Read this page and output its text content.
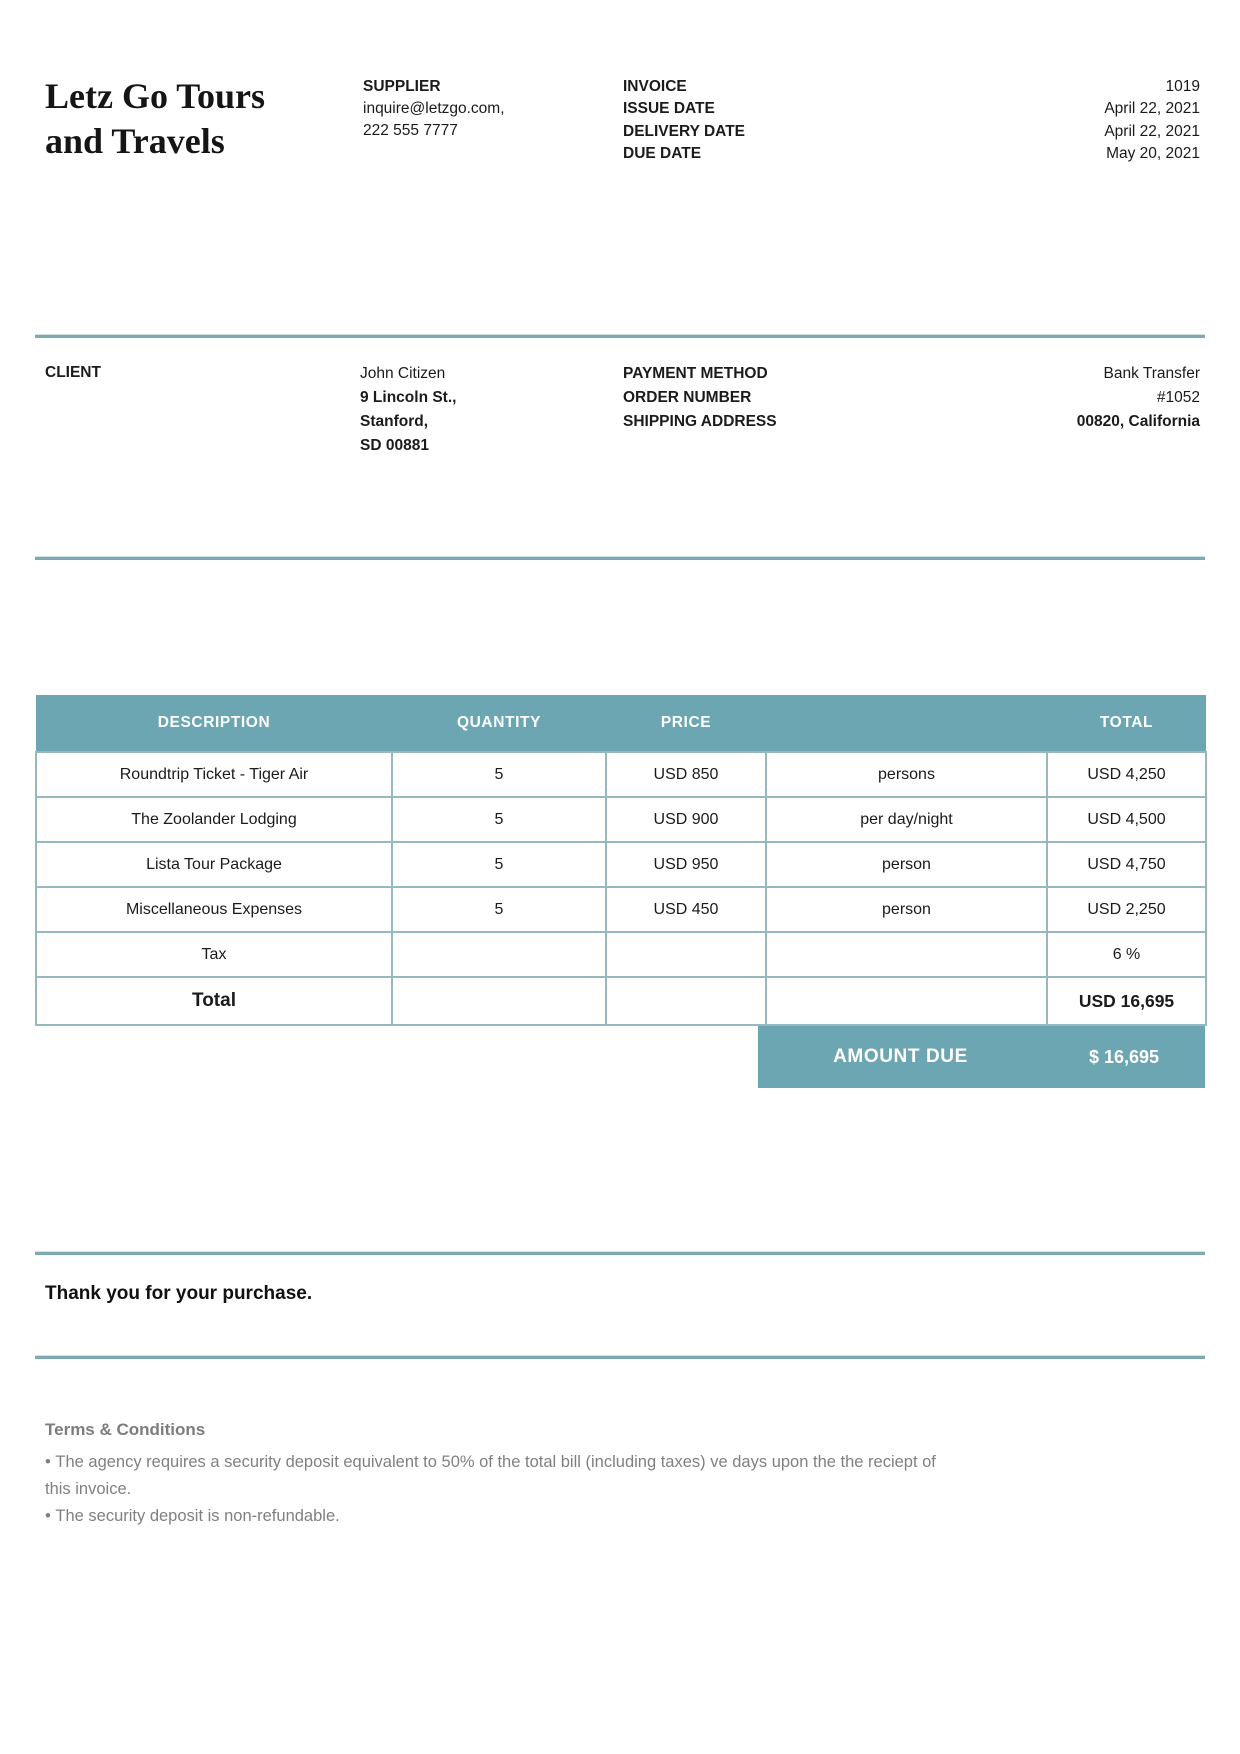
Letz Go Tours
and Travels
SUPPLIER
inquire@letzgo.com,
222 555 7777
INVOICE	1019
ISSUE DATE	April 22, 2021
DELIVERY DATE	April 22, 2021
DUE DATE	May 20, 2021
CLIENT	John Citizen
9 Lincoln St.,
Stanford,
SD 00881
PAYMENT METHOD	Bank Transfer
ORDER NUMBER	#1052
SHIPPING ADDRESS	00820, California
DESCRIPTION	QUANTITY	PRICE		TOTAL
Roundtrip Ticket - Tiger Air	5	USD 850	persons	USD 4,250
The Zoolander Lodging	5	USD 900	per day/night	USD 4,500
Lista Tour Package	5	USD 950	person	USD 4,750
Miscellaneous Expenses	5	USD 450	person	USD 2,250
Tax				6 %
Total				USD 16,695
AMOUNT DUE	$ 16,695
Thank you for your purchase.
Terms & Conditions
• The agency requires a security deposit equivalent to 50% of the total bill (including taxes) ve days upon the the reciept of this invoice.
• The security deposit is non-refundable.
